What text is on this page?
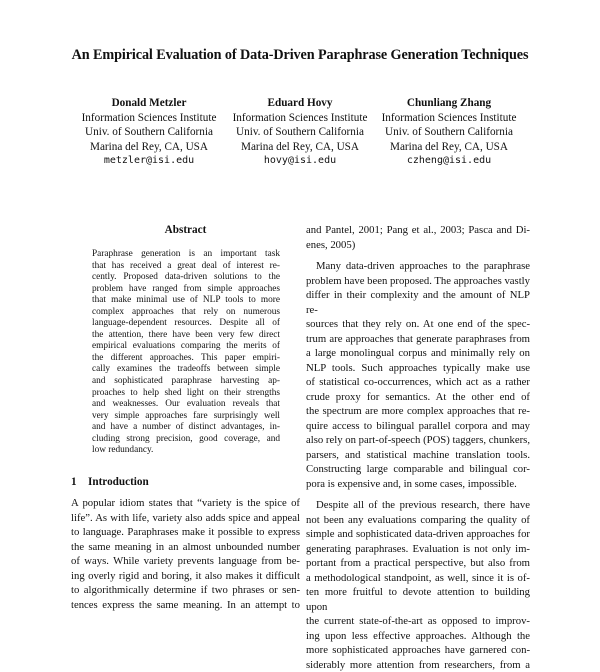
An Empirical Evaluation of Data-Driven Paraphrase Generation Techniques
Donald Metzler
Information Sciences Institute
Univ. of Southern California
Marina del Rey, CA, USA
metzler@isi.edu
Eduard Hovy
Information Sciences Institute
Univ. of Southern California
Marina del Rey, CA, USA
hovy@isi.edu
Chunliang Zhang
Information Sciences Institute
Univ. of Southern California
Marina del Rey, CA, USA
czheng@isi.edu
Abstract
Paraphrase generation is an important task
that has received a great deal of interest re-
cently. Proposed data-driven solutions to the
problem have ranged from simple approaches
that make minimal use of NLP tools to more
complex approaches that rely on numerous
language-dependent resources. Despite all of
the attention, there have been very few direct
empirical evaluations comparing the merits of
the different approaches. This paper empiri-
cally examines the tradeoffs between simple
and sophisticated paraphrase harvesting ap-
proaches to help shed light on their strengths
and weaknesses. Our evaluation reveals that
very simple approaches fare surprisingly well
and have a number of distinct advantages, in-
cluding strong precision, good coverage, and
low redundancy.
1 Introduction
A popular idiom states that “variety is the spice of
life”. As with life, variety also adds spice and appeal
to language. Paraphrases make it possible to express
the same meaning in an almost unbounded number
of ways. While variety prevents language from be-
ing overly rigid and boring, it also makes it difficult
to algorithmically determine if two phrases or sen-
tences express the same meaning. In an attempt to
and Pantel, 2001; Pang et al., 2003; Pasca and Di-
enes, 2005)
Many data-driven approaches to the paraphrase
problem have been proposed. The approaches vastly
differ in their complexity and the amount of NLP re-
sources that they rely on. At one end of the spec-
trum are approaches that generate paraphrases from
a large monolingual corpus and minimally rely on
NLP tools. Such approaches typically make use
of statistical co-occurrences, which act as a rather
crude proxy for semantics. At the other end of
the spectrum are more complex approaches that re-
quire access to bilingual parallel corpora and may
also rely on part-of-speech (POS) taggers, chunkers,
parsers, and statistical machine translation tools.
Constructing large comparable and bilingual cor-
pora is expensive and, in some cases, impossible.
Despite all of the previous research, there have
not been any evaluations comparing the quality of
simple and sophisticated data-driven approaches for
generating paraphrases. Evaluation is not only im-
portant from a practical perspective, but also from
a methodological standpoint, as well, since it is of-
ten more fruitful to devote attention to building upon
the current state-of-the-art as opposed to improv-
ing upon less effective approaches. Although the
more sophisticated approaches have garnered con-
siderably more attention from researchers, from a
